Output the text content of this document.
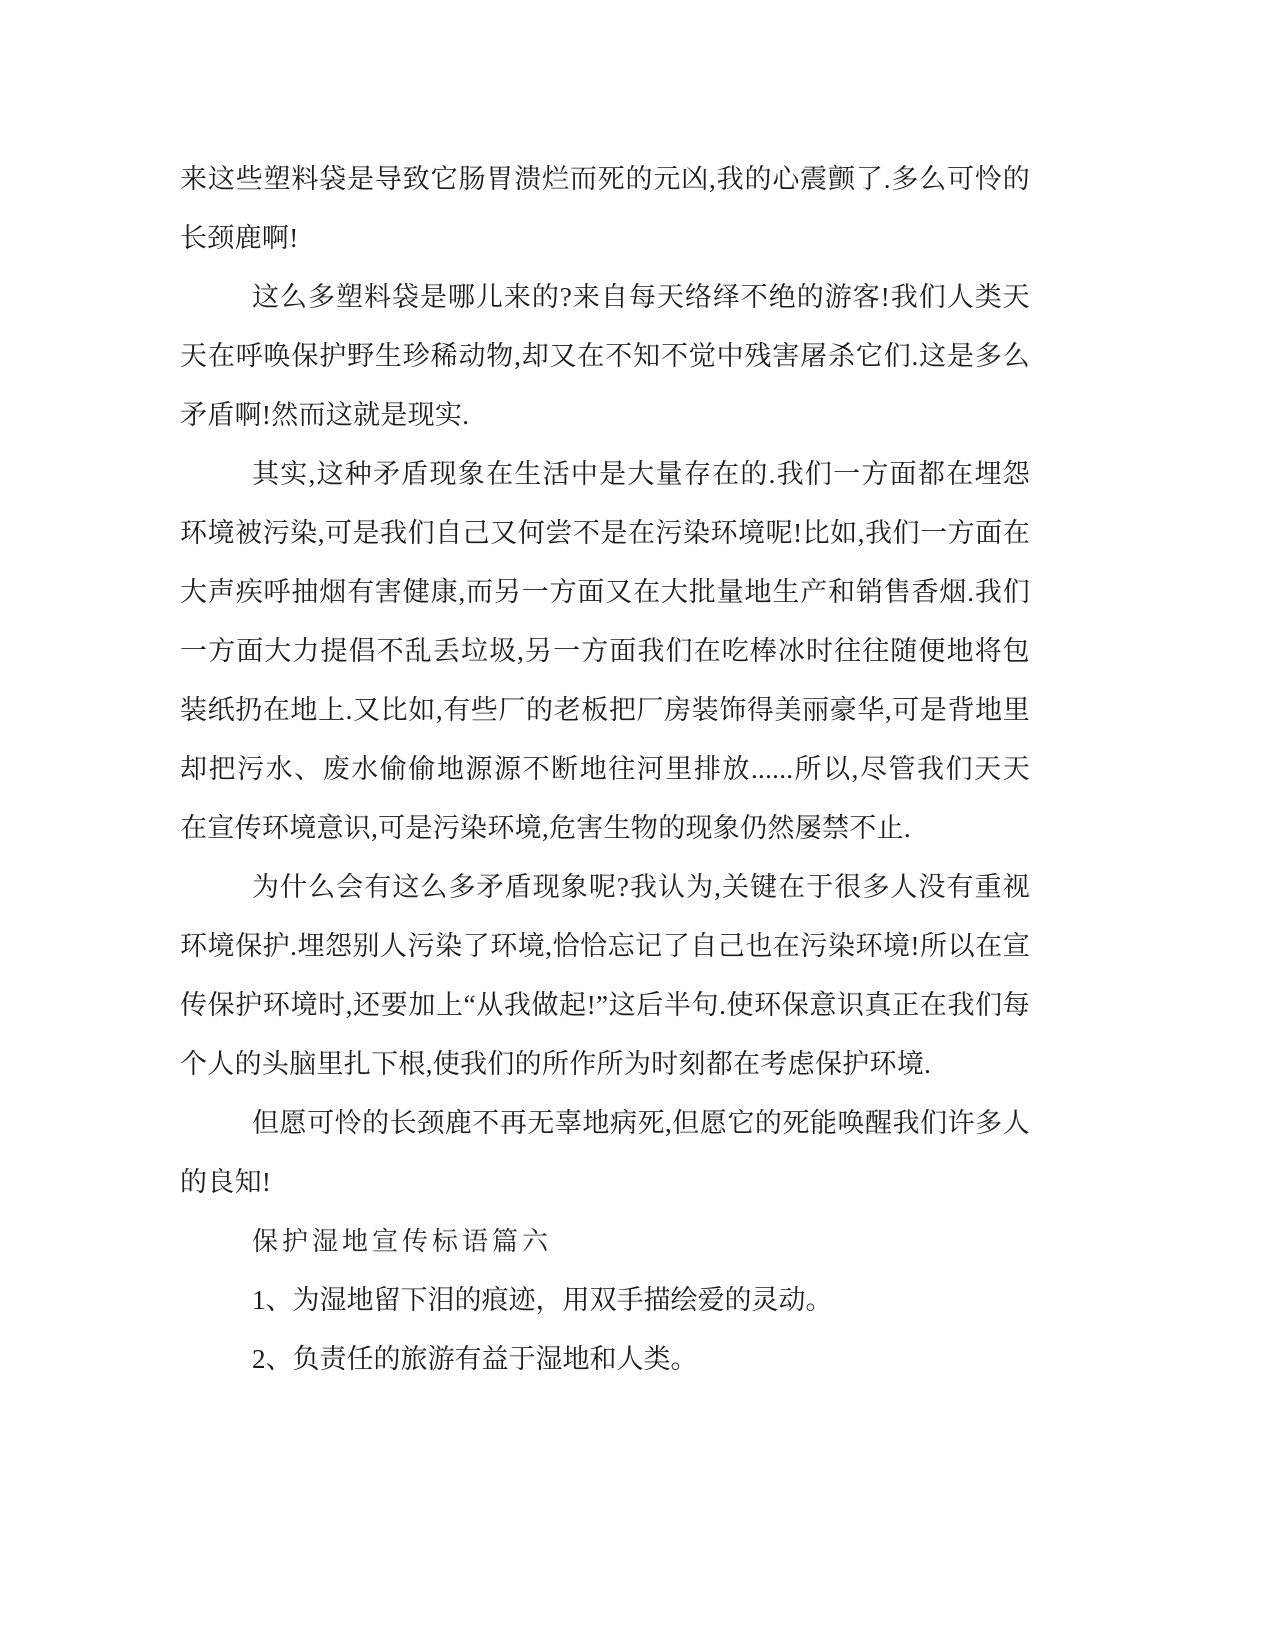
来这些塑料袋是导致它肠胃溃烂而死的元凶,我的心震颤了.多么可怜的
长颈鹿啊!
这么多塑料袋是哪儿来的?来自每天络绎不绝的游客!我们人类天
天在呼唤保护野生珍稀动物,却又在不知不觉中残害屠杀它们.这是多么
矛盾啊!然而这就是现实.
其实,这种矛盾现象在生活中是大量存在的.我们一方面都在埋怨
环境被污染,可是我们自己又何尝不是在污染环境呢!比如,我们一方面在
大声疾呼抽烟有害健康,而另一方面又在大批量地生产和销售香烟.我们
一方面大力提倡不乱丢垃圾,另一方面我们在吃棒冰时往往随便地将包
装纸扔在地上.又比如,有些厂的老板把厂房装饰得美丽豪华,可是背地里
却把污水、废水偷偷地源源不断地往河里排放......所以,尽管我们天天
在宣传环境意识,可是污染环境,危害生物的现象仍然屡禁不止.
为什么会有这么多矛盾现象呢?我认为,关键在于很多人没有重视
环境保护.埋怨别人污染了环境,恰恰忘记了自己也在污染环境!所以在宣
传保护环境时,还要加上“从我做起!”这后半句.使环保意识真正在我们每
个人的头脑里扎下根,使我们的所作所为时刻都在考虑保护环境.
但愿可怜的长颈鹿不再无辜地病死,但愿它的死能唤醒我们许多人
的良知!
保护湿地宣传标语篇六
1、为湿地留下泪的痕迹，用双手描绘爱的灵动。
2、负责任的旅游有益于湿地和人类。
